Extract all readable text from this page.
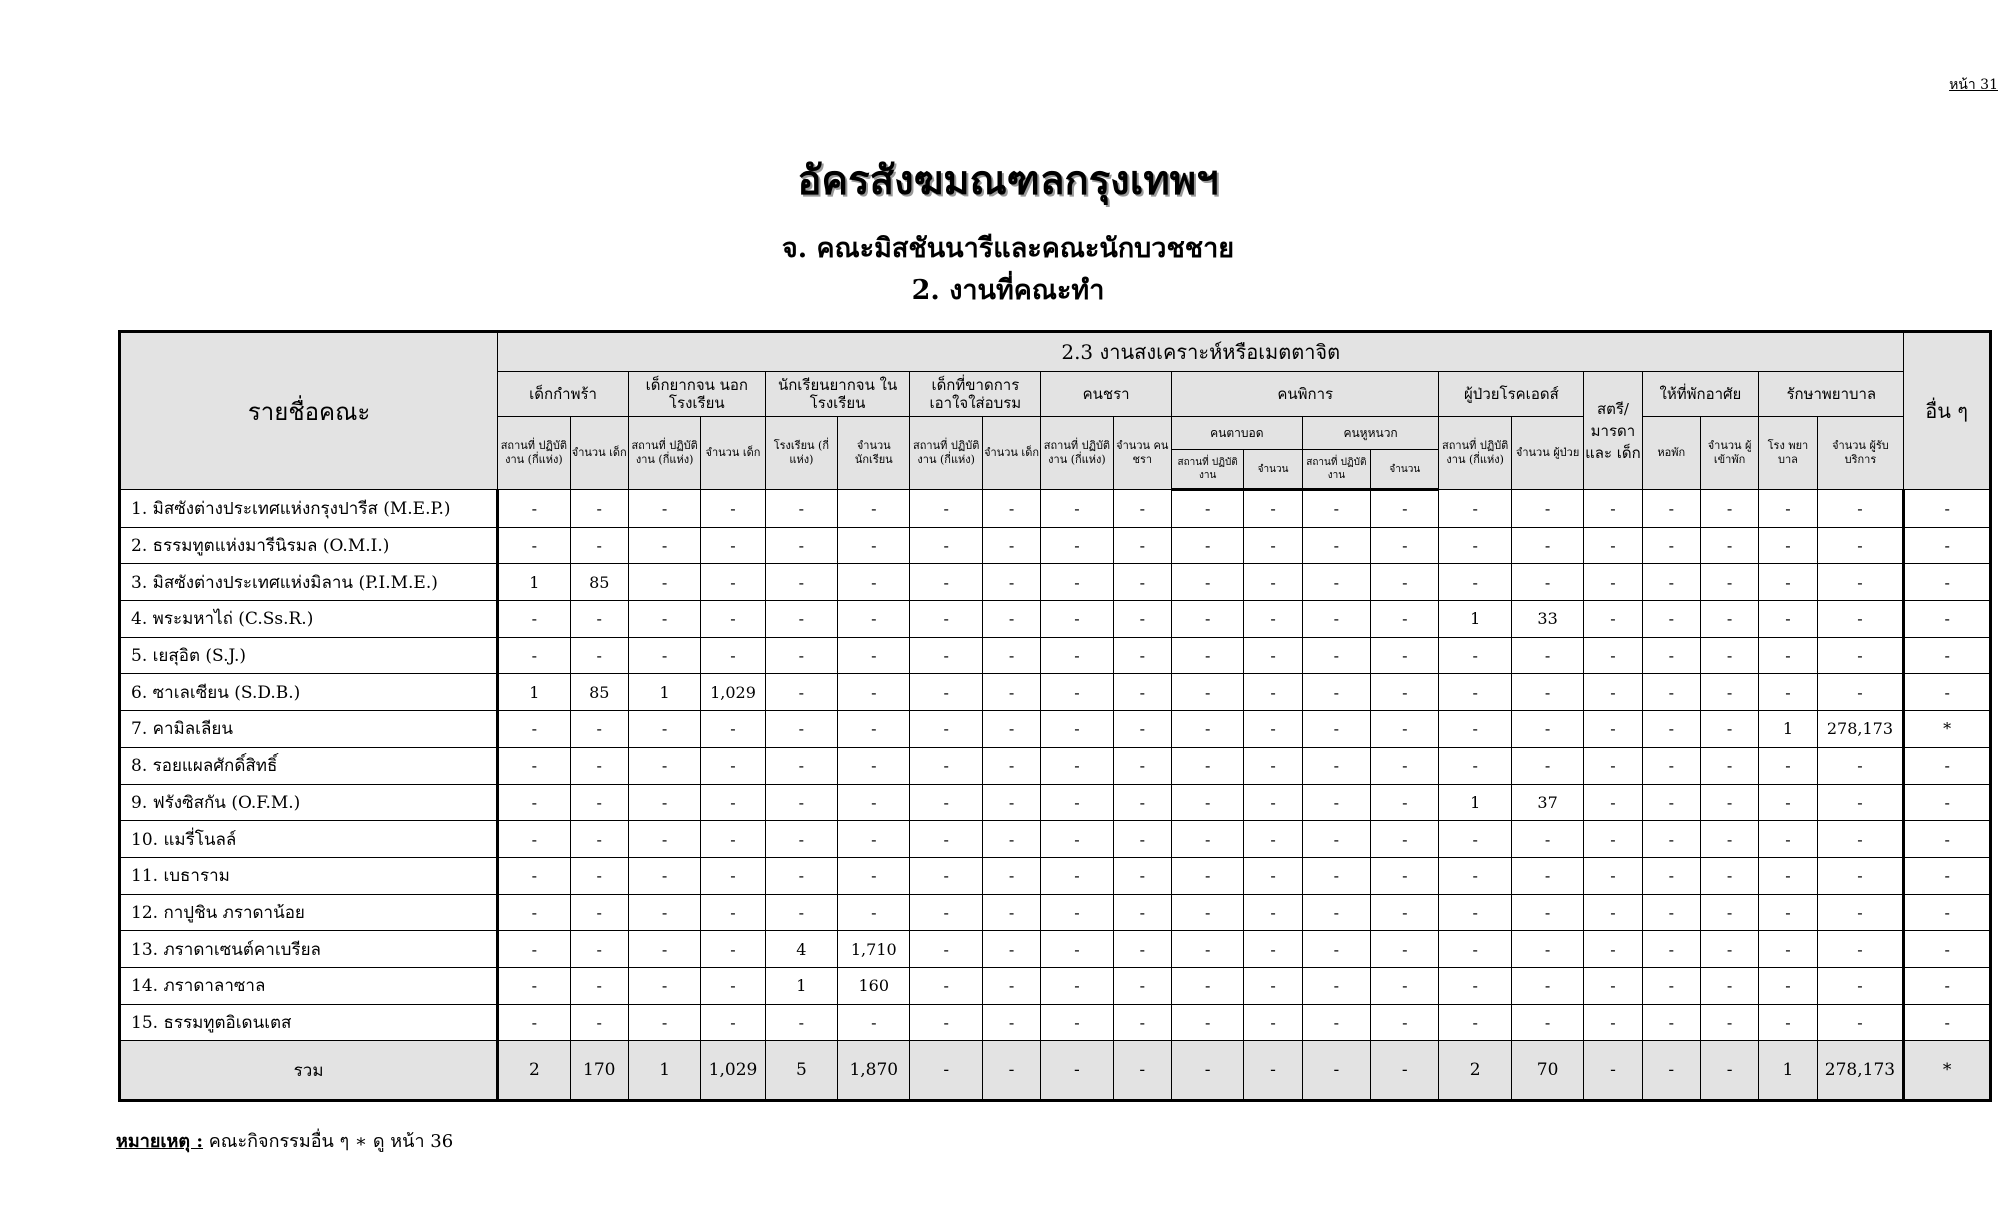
หน้า 31
อัครสังฆมณฑลกรุงเทพฯ
จ. คณะมิสชันนารีและคณะนักบวชชาย
2. งานที่คณะทำ
รายชื่อคณะ	2.3 งานสงเคราะห์หรือเมตตาจิต																					อื่น ๆ
	เด็กกำพร้า		เด็กยากจน นอกโรงเรียน		นักเรียนยากจน ในโรงเรียน		เด็กที่ขาดการ เอาใจใส่อบรม		คนชรา		คนพิการ				ผู้ป่วยโรคเอดส์		สตรี/ มารดา และ เด็ก	ให้ที่พักอาศัย		รักษาพยาบาล		
	สถานที่ ปฏิบัติงาน (กี่แห่ง)	จำนวน เด็ก	สถานที่ ปฏิบัติงาน (กี่แห่ง)	จำนวน เด็ก	โรงเรียน (กี่แห่ง)	จำนวน นักเรียน	สถานที่ ปฏิบัติงาน (กี่แห่ง)	จำนวน เด็ก	สถานที่ ปฏิบัติงาน (กี่แห่ง)	จำนวน คนชรา	คนตาบอด		คนหูหนวก		สถานที่ ปฏิบัติงาน (กี่แห่ง)	จำนวน ผู้ป่วย		หอพัก	จำนวน ผู้เข้าพัก	โรง พยา บาล	จำนวน ผู้รับบริการ	
											สถานที่ ปฏิบัติงาน	จำนวน	สถานที่ ปฏิบัติงาน	จำนวน								
1. มิสซังต่างประเทศแห่งกรุงปารีส (M.E.P.)	-	-	-	-	-	-	-	-	-	-	-	-	-	-	-	-	-	-	-	-	-	-
2. ธรรมทูตแห่งมารีนิรมล (O.M.I.)	-	-	-	-	-	-	-	-	-	-	-	-	-	-	-	-	-	-	-	-	-	-
3. มิสซังต่างประเทศแห่งมิลาน (P.I.M.E.)	1	85	-	-	-	-	-	-	-	-	-	-	-	-	-	-	-	-	-	-	-	-
4. พระมหาไถ่ (C.Ss.R.)	-	-	-	-	-	-	-	-	-	-	-	-	-	-	1	33	-	-	-	-	-	-
5. เยสุอิต (S.J.)	-	-	-	-	-	-	-	-	-	-	-	-	-	-	-	-	-	-	-	-	-	-
6. ซาเลเซียน (S.D.B.)	1	85	1	1,029	-	-	-	-	-	-	-	-	-	-	-	-	-	-	-	-	-	-
7. คามิลเลียน	-	-	-	-	-	-	-	-	-	-	-	-	-	-	-	-	-	-	-	1	278,173	*
8. รอยแผลศักดิ์สิทธิ์	-	-	-	-	-	-	-	-	-	-	-	-	-	-	-	-	-	-	-	-	-	-
9. ฟรังซิสกัน (O.F.M.)	-	-	-	-	-	-	-	-	-	-	-	-	-	-	1	37	-	-	-	-	-	-
10. แมรี่โนลล์	-	-	-	-	-	-	-	-	-	-	-	-	-	-	-	-	-	-	-	-	-	-
11. เบธาราม	-	-	-	-	-	-	-	-	-	-	-	-	-	-	-	-	-	-	-	-	-	-
12. กาปูชิน ภราดาน้อย	-	-	-	-	-	-	-	-	-	-	-	-	-	-	-	-	-	-	-	-	-	-
13. ภราดาเซนต์คาเบรียล	-	-	-	-	4	1,710	-	-	-	-	-	-	-	-	-	-	-	-	-	-	-	-
14. ภราดาลาซาล	-	-	-	-	1	160	-	-	-	-	-	-	-	-	-	-	-	-	-	-	-	-
15. ธรรมทูตอิเดนเตส	-	-	-	-	-	-	-	-	-	-	-	-	-	-	-	-	-	-	-	-	-	-
รวม	2	170	1	1,029	5	1,870	-	-	-	-	-	-	-	-	2	70	-	-	-	1	278,173	*
หมายเหตุ : คณะกิจกรรมอื่น ๆ ∗ ดู หน้า 36
